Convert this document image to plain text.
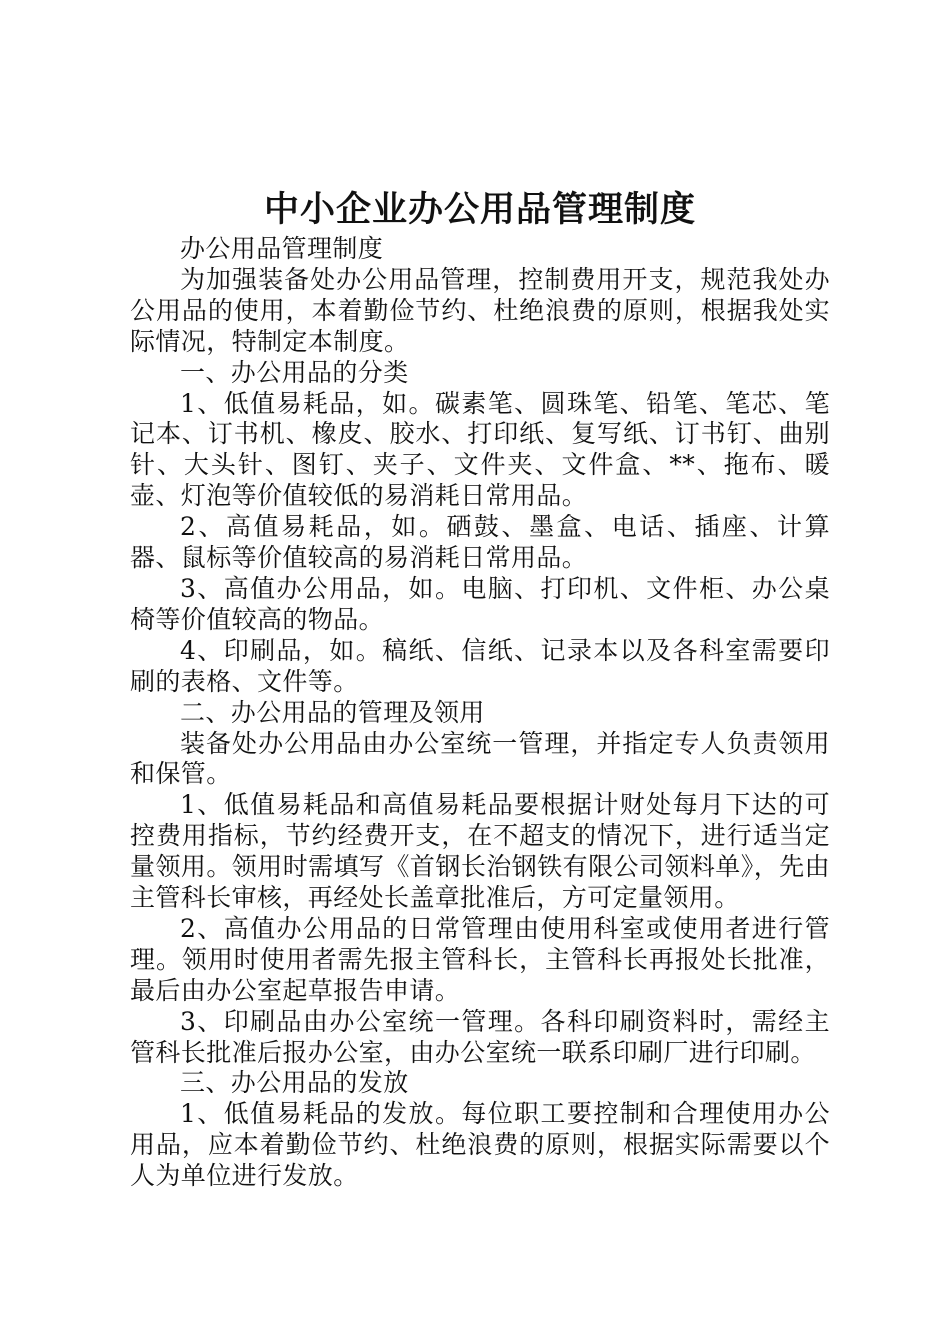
中小企业办公用品管理制度

办公用品管理制度

为加强装备处办公用品管理，控制费用开支，规范我处办公用品的使用，本着勤俭节约、杜绝浪费的原则，根据我处实际情况，特制定本制度。

一、办公用品的分类

1、低值易耗品，如。碳素笔、圆珠笔、铅笔、笔芯、笔记本、订书机、橡皮、胶水、打印纸、复写纸、订书钉、曲别针、大头针、图钉、夹子、文件夹、文件盒、**、拖布、暖壶、灯泡等价值较低的易消耗日常用品。

2、高值易耗品，如。硒鼓、墨盒、电话、插座、计算器、鼠标等价值较高的易消耗日常用品。

3、高值办公用品，如。电脑、打印机、文件柜、办公桌椅等价值较高的物品。

4、印刷品，如。稿纸、信纸、记录本以及各科室需要印刷的表格、文件等。

二、办公用品的管理及领用

装备处办公用品由办公室统一管理，并指定专人负责领用和保管。

1、低值易耗品和高值易耗品要根据计财处每月下达的可控费用指标，节约经费开支，在不超支的情况下，进行适当定量领用。领用时需填写《首钢长治钢铁有限公司领料单》，先由主管科长审核，再经处长盖章批准后，方可定量领用。

2、高值办公用品的日常管理由使用科室或使用者进行管理。领用时使用者需先报主管科长，主管科长再报处长批准，最后由办公室起草报告申请。

3、印刷品由办公室统一管理。各科印刷资料时，需经主管科长批准后报办公室，由办公室统一联系印刷厂进行印刷。

三、办公用品的发放

1、低值易耗品的发放。每位职工要控制和合理使用办公用品，应本着勤俭节约、杜绝浪费的原则，根据实际需要以个人为单位进行发放。
